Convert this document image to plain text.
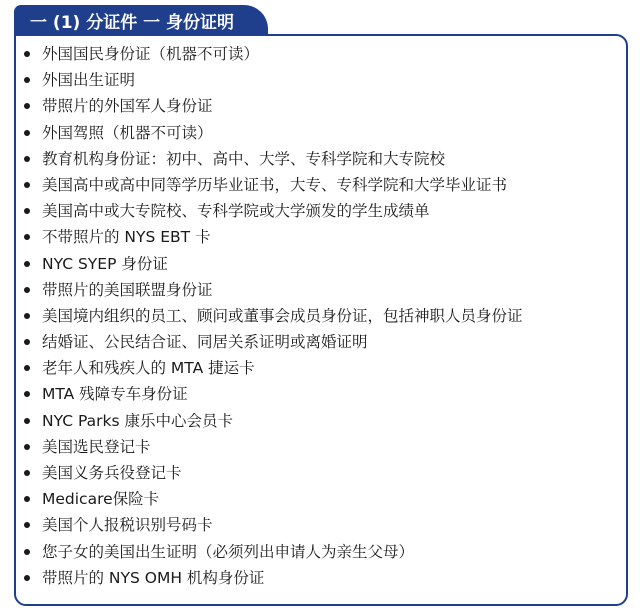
一 (1) 分证件 一 身份证明
外国国民身份证（机器不可读）
外国出生证明
带照片的外国军人身份证
外国驾照（机器不可读）
教育机构身份证：初中、高中、大学、专科学院和大专院校
美国高中或高中同等学历毕业证书，大专、专科学院和大学毕业证书
美国高中或大专院校、专科学院或大学颁发的学生成绩单
不带照片的 NYS EBT 卡
NYC SYEP 身份证
带照片的美国联盟身份证
美国境内组织的员工、顾问或董事会成员身份证，包括神职人员身份证
结婚证、公民结合证、同居关系证明或离婚证明
老年人和残疾人的 MTA 捷运卡
MTA 残障专车身份证
NYC Parks 康乐中心会员卡
美国选民登记卡
美国义务兵役登记卡
Medicare保险卡
美国个人报税识别号码卡
您子女的美国出生证明（必须列出申请人为亲生父母）
带照片的 NYS OMH 机构身份证
